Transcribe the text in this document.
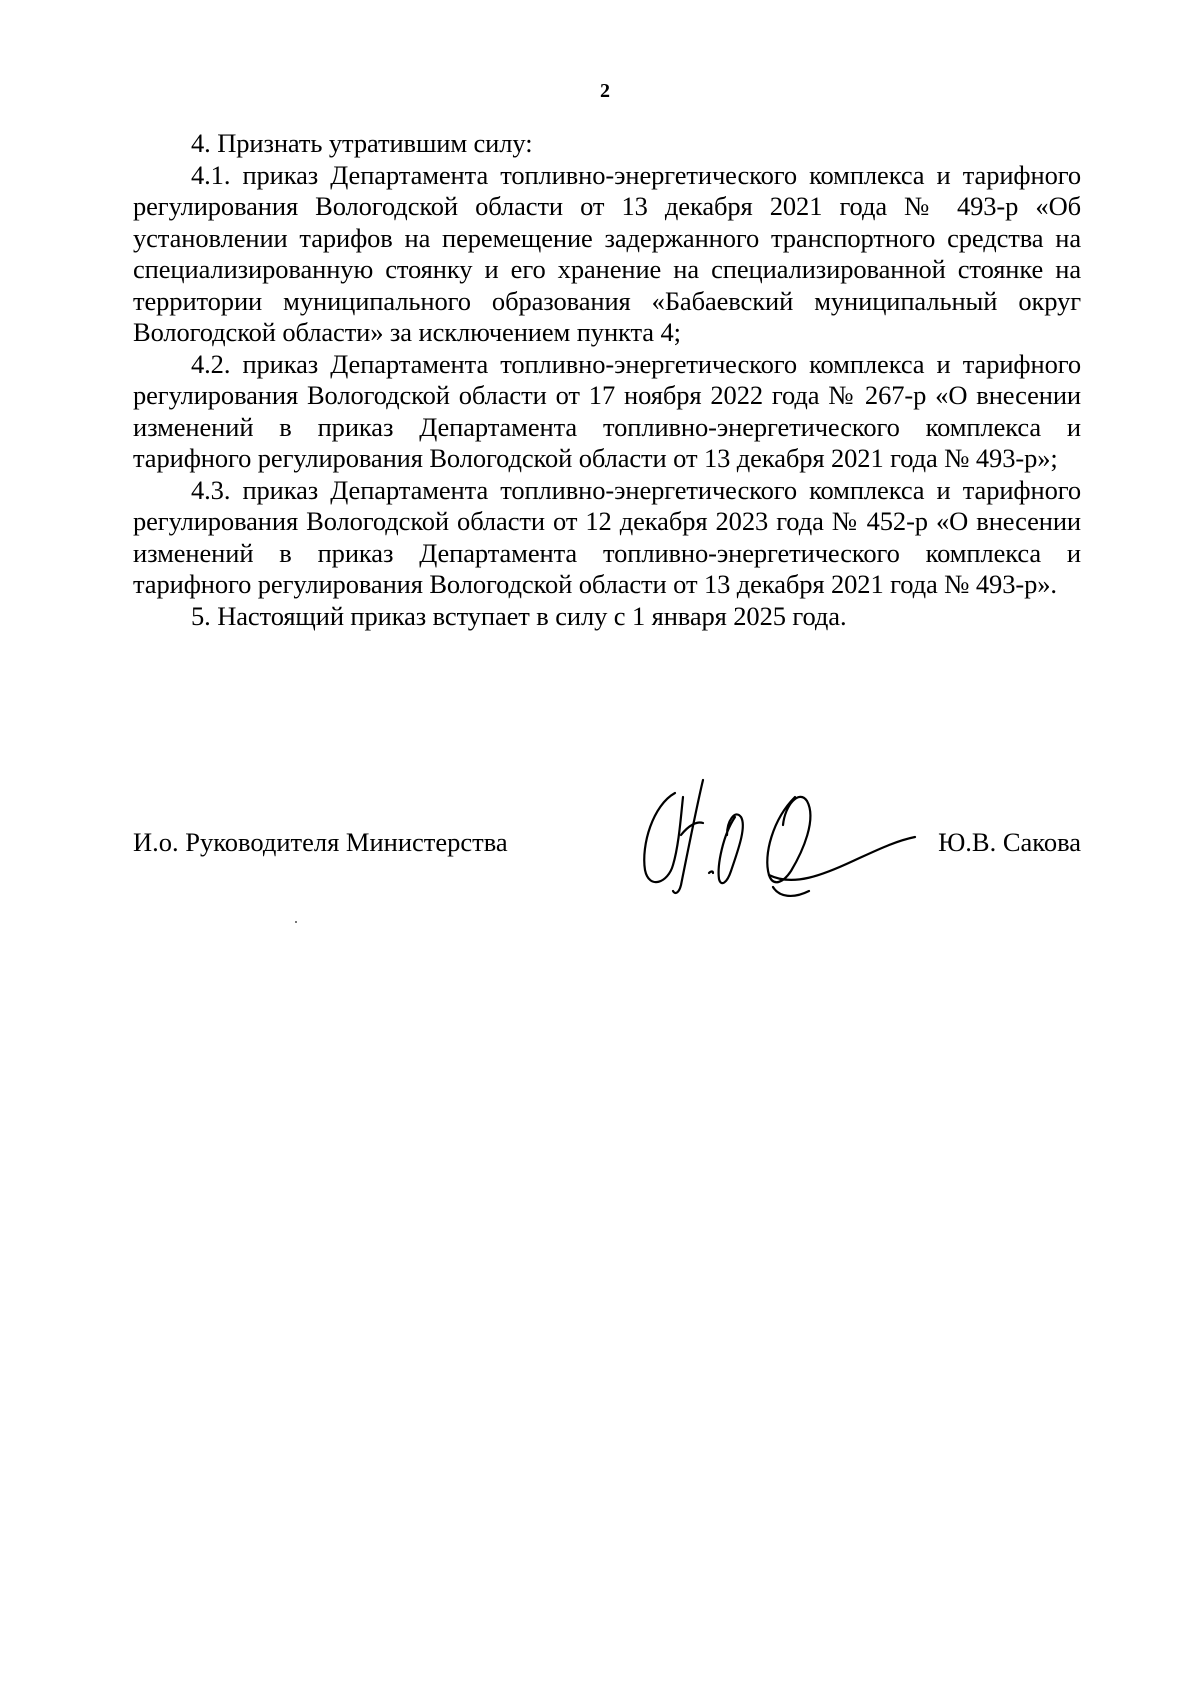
2

4. Признать утратившим силу:

4.1. приказ Департамента топливно-энергетического комплекса и тарифного регулирования Вологодской области от 13 декабря 2021 года № 493-р «Об установлении тарифов на перемещение задержанного транспортного средства на специализированную стоянку и его хранение на специализированной стоянке на территории муниципального образования «Бабаевский муниципальный округ Вологодской области» за исключением пункта 4;

4.2. приказ Департамента топливно-энергетического комплекса и тарифного регулирования Вологодской области от 17 ноября 2022 года № 267-р «О внесении изменений в приказ Департамента топливно-энергетического комплекса и тарифного регулирования Вологодской области от 13 декабря 2021 года № 493-р»;

4.3. приказ Департамента топливно-энергетического комплекса и тарифного регулирования Вологодской области от 12 декабря 2023 года № 452-р «О внесении изменений в приказ Департамента топливно-энергетического комплекса и тарифного регулирования Вологодской области от 13 декабря 2021 года № 493-р».

5. Настоящий приказ вступает в силу с 1 января 2025 года.

И.о. Руководителя Министерства	Ю.В. Сакова
